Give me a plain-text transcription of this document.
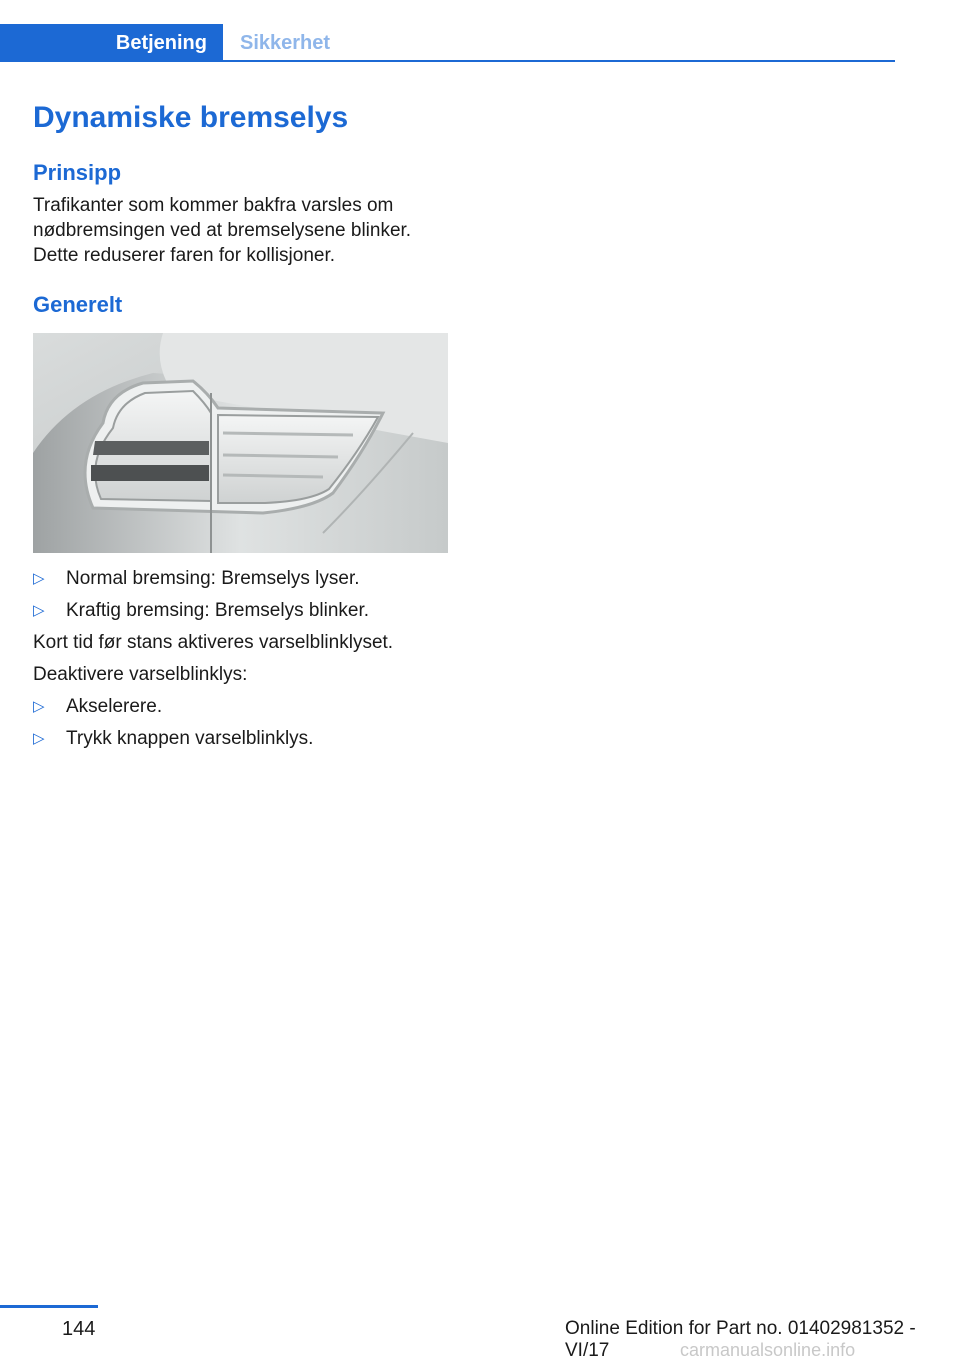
Betjening Sikkerhet
Dynamiske bremselys
Prinsipp

Trafikanter som kommer bakfra varsles om
nødbremsingen ved at bremselysene blinker.
Dette reduserer faren for kollisjoner.

Generelt
▷	Normal bremsing: Bremselys lyser.
▷	Kraftig bremsing: Bremselys blinker.

Kort tid før stans aktiveres varselblinklyset.

Deaktivere varselblinklys:

▷	Akselerere.
▷	Trykk knappen varselblinklys.
144	Online Edition for Part no. 01402981352 - VI/17	carmanualsonline.info
